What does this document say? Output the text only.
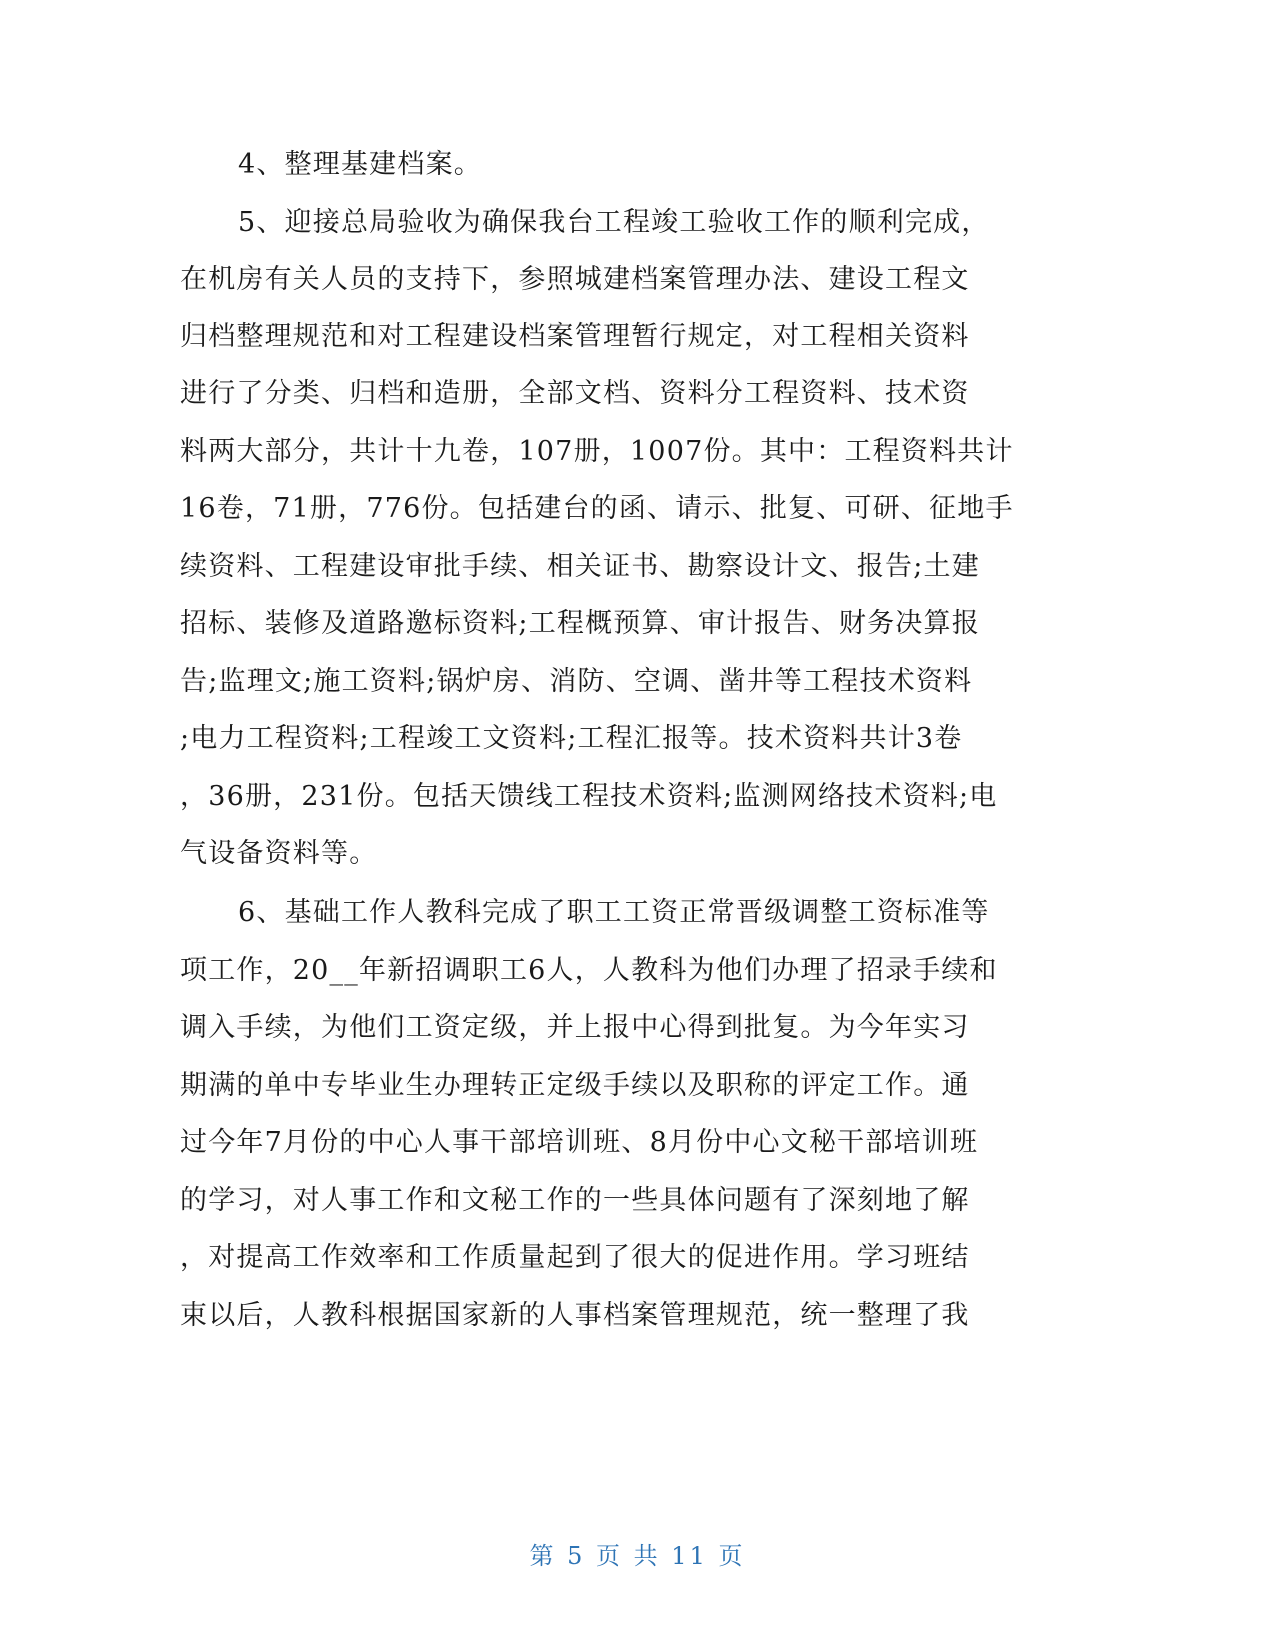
4、整理基建档案。
5、迎接总局验收为确保我台工程竣工验收工作的顺利完成，
在机房有关人员的支持下，参照城建档案管理办法、建设工程文
归档整理规范和对工程建设档案管理暂行规定，对工程相关资料
进行了分类、归档和造册，全部文档、资料分工程资料、技术资
料两大部分，共计十九卷，107册，1007份。其中：工程资料共计
16卷，71册，776份。包括建台的函、请示、批复、可研、征地手
续资料、工程建设审批手续、相关证书、勘察设计文、报告;土建
招标、装修及道路邀标资料;工程概预算、审计报告、财务决算报
告;监理文;施工资料;锅炉房、消防、空调、凿井等工程技术资料
;电力工程资料;工程竣工文资料;工程汇报等。技术资料共计3卷
，36册，231份。包括天馈线工程技术资料;监测网络技术资料;电
气设备资料等。
6、基础工作人教科完成了职工工资正常晋级调整工资标准等
项工作，20__年新招调职工6人，人教科为他们办理了招录手续和
调入手续，为他们工资定级，并上报中心得到批复。为今年实习
期满的单中专毕业生办理转正定级手续以及职称的评定工作。通
过今年7月份的中心人事干部培训班、8月份中心文秘干部培训班
的学习，对人事工作和文秘工作的一些具体问题有了深刻地了解
，对提高工作效率和工作质量起到了很大的促进作用。学习班结
束以后，人教科根据国家新的人事档案管理规范，统一整理了我
第 5 页 共 11 页
